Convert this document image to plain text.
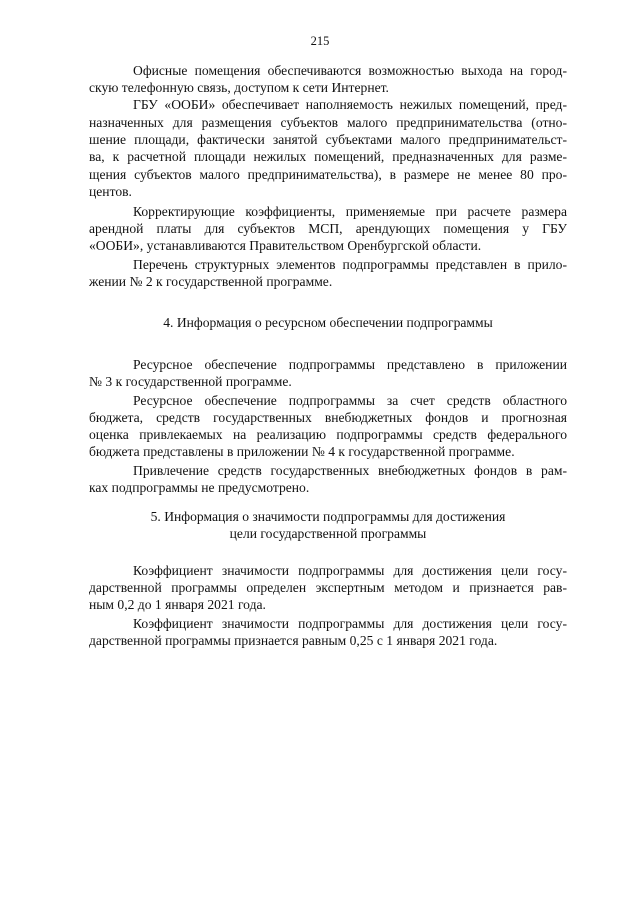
215
Офисные помещения обеспечиваются возможностью выхода на город-
скую телефонную связь, доступом к сети Интернет.
ГБУ «ООБИ» обеспечивает наполняемость нежилых помещений, пред-
назначенных для размещения субъектов малого предпринимательства (отно-
шение площади, фактически занятой субъектами малого предпринимательст-
ва, к расчетной площади нежилых помещений, предназначенных для разме-
щения субъектов малого предпринимательства), в размере не менее 80 про-
центов.
Корректирующие коэффициенты, применяемые при расчете размера
арендной платы для субъектов МСП, арендующих помещения у ГБУ
«ООБИ», устанавливаются Правительством Оренбургской области.
Перечень структурных элементов подпрограммы представлен в прило-
жении № 2 к государственной программе.
4. Информация о ресурсном обеспечении подпрограммы
Ресурсное обеспечение подпрограммы представлено в приложении
№ 3 к государственной программе.
Ресурсное обеспечение подпрограммы за счет средств областного
бюджета, средств государственных внебюджетных фондов и прогнозная
оценка привлекаемых на реализацию подпрограммы средств федерального
бюджета представлены в приложении № 4 к государственной программе.
Привлечение средств государственных внебюджетных фондов в рам-
ках подпрограммы не предусмотрено.
5. Информация о значимости подпрограммы для достижения
цели государственной программы
Коэффициент значимости подпрограммы для достижения цели госу-
дарственной программы определен экспертным методом и признается рав-
ным 0,2 до 1 января 2021 года.
Коэффициент значимости подпрограммы для достижения цели госу-
дарственной программы признается равным 0,25 с 1 января 2021 года.
